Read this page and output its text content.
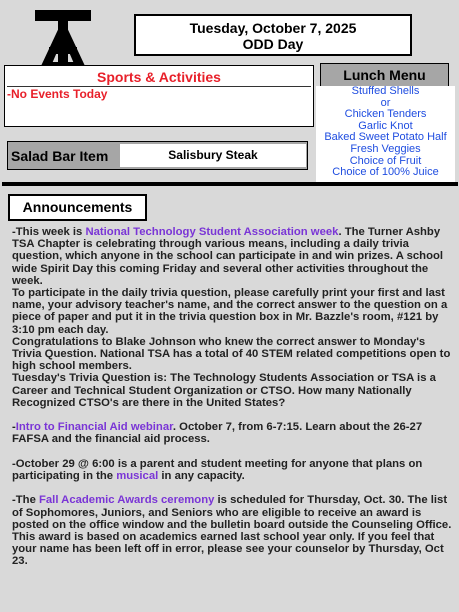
Tuesday, October 7, 2025
ODD Day
Sports & Activities
-No Events Today
Lunch Menu
Stuffed Shells
or
Chicken Tenders
Garlic Knot
Baked Sweet Potato Half
Fresh Veggies
Choice of Fruit
Choice of 100% Juice
Salad Bar Item	Salisbury Steak
Announcements

-This week is National Technology Student Association week. The Turner Ashby TSA Chapter is celebrating through various means, including a daily trivia question, which anyone in the school can participate in and win prizes. A school wide Spirit Day this coming Friday and several other activities throughout the week.

To participate in the daily trivia question, please carefully print your first and last name, your advisory teacher's name, and the correct answer to the question on a piece of paper and put it in the trivia question box in Mr. Bazzle's room, #121 by 3:10 pm each day.

Congratulations to Blake Johnson who knew the correct answer to Monday's Trivia Question. National TSA has a total of 40 STEM related competitions open to high school members.

Tuesday's Trivia Question is: The Technology Students Association or TSA is a Career and Technical Student Organization or CTSO. How many Nationally Recognized CTSO's are there in the United States?

-Intro to Financial Aid webinar. October 7, from 6-7:15. Learn about the 26-27 FAFSA and the financial aid process.

-October 29 @ 6:00 is a parent and student meeting for anyone that plans on participating in the musical in any capacity.

-The Fall Academic Awards ceremony is scheduled for Thursday, Oct. 30. The list of Sophomores, Juniors, and Seniors who are eligible to receive an award is posted on the office window and the bulletin board outside the Counseling Office. This award is based on academics earned last school year only. If you feel that your name has been left off in error, please see your counselor by Thursday, Oct 23.
